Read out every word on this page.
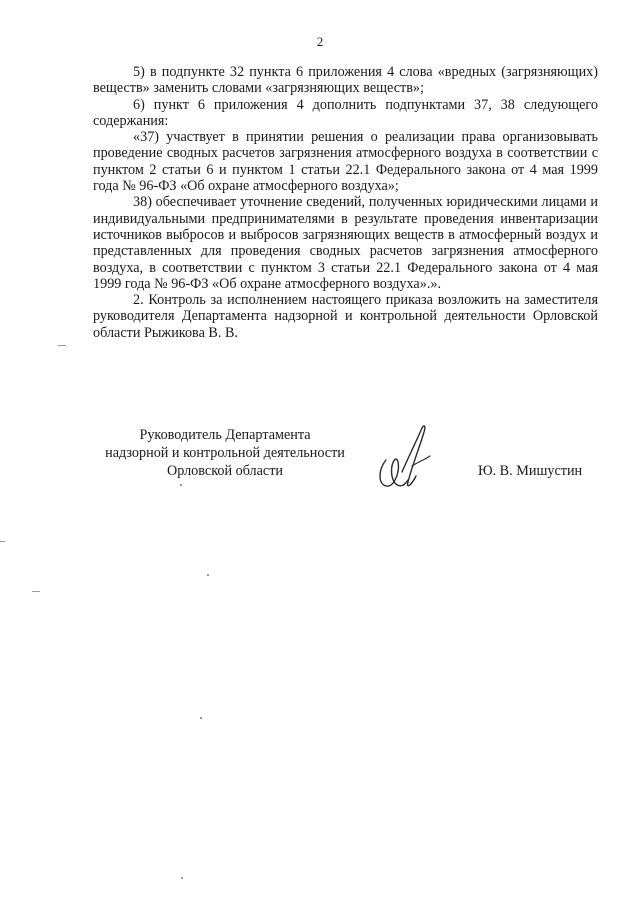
2

5) в подпункте 32 пункта 6 приложения 4 слова «вредных (загрязняющих) веществ» заменить словами «загрязняющих веществ»;

6) пункт 6 приложения 4 дополнить подпунктами 37, 38 следующего содержания:

«37) участвует в принятии решения о реализации права организовывать проведение сводных расчетов загрязнения атмосферного воздуха в соответствии с пунктом 2 статьи 6 и пунктом 1 статьи 22.1 Федерального закона от 4 мая 1999 года № 96-ФЗ «Об охране атмосферного воздуха»;

38) обеспечивает уточнение сведений, полученных юридическими лицами и индивидуальными предпринимателями в результате проведения инвентаризации источников выбросов и выбросов загрязняющих веществ в атмосферный воздух и представленных для проведения сводных расчетов загрязнения атмосферного воздуха, в соответствии с пунктом 3 статьи 22.1 Федерального закона от 4 мая 1999 года № 96-ФЗ «Об охране атмосферного воздуха».».

2. Контроль за исполнением настоящего приказа возложить на заместителя руководителя Департамента надзорной и контрольной деятельности Орловской области Рыжикова В. В.

Руководитель Департамента
надзорной и контрольной деятельности
Орловской области	Ю. В. Мишустин
